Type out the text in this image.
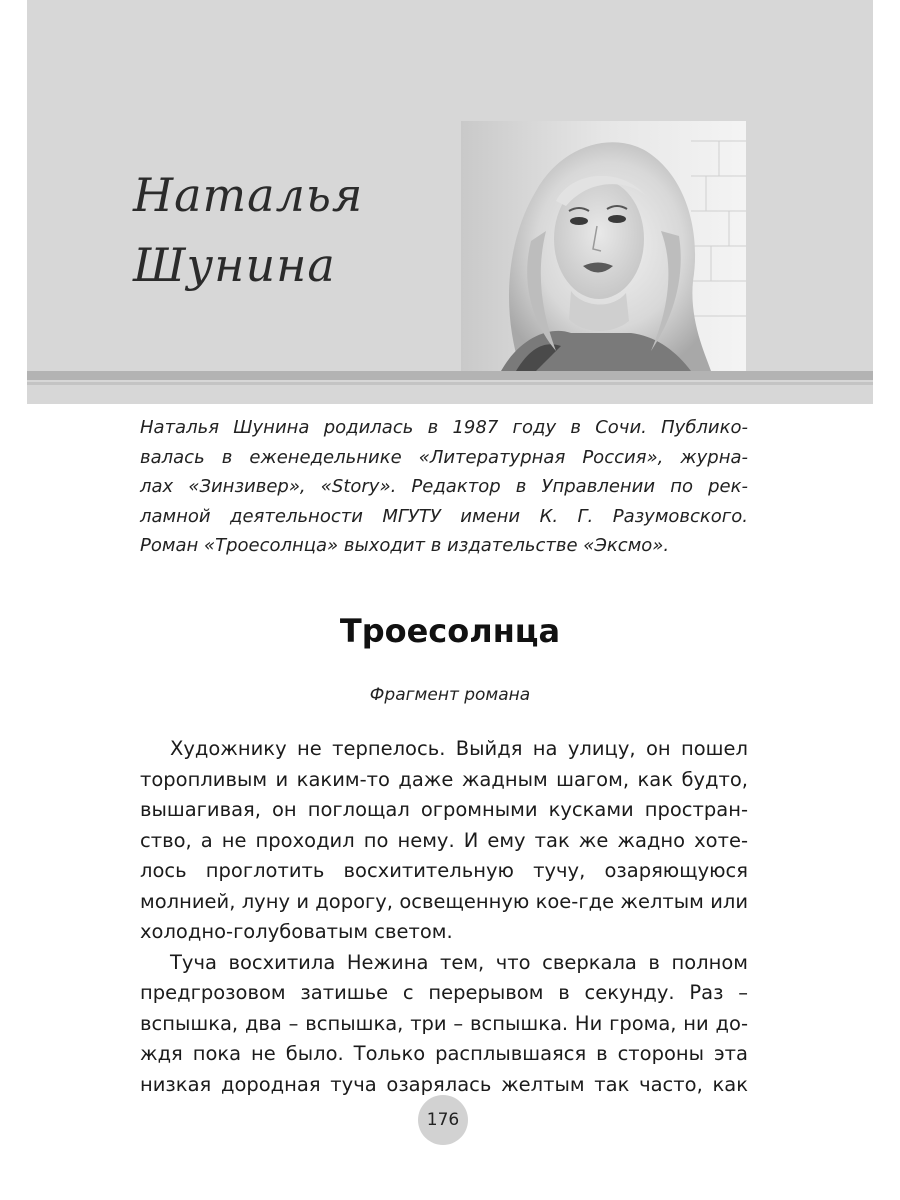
Наталья
Шунина
Наталья Шунина родилась в 1987 году в Сочи. Публико-
валась в еженедельнике «Литературная Россия», журна-
лах «Зинзивер», «Story». Редактор в Управлении по рек-
ламной деятельности МГУТУ имени К. Г. Разумовского.
Роман «Троесолнца» выходит в издательстве «Эксмо».
Троесолнца

Фрагмент романа

Художнику не терпелось. Выйдя на улицу, он пошел
торопливым и каким-то даже жадным шагом, как будто,
вышагивая, он поглощал огромными кусками простран-
ство, а не проходил по нему. И ему так же жадно хоте-
лось проглотить восхитительную тучу, озаряющуюся
молнией, луну и дорогу, освещенную кое-где желтым или
холодно-голубоватым светом.
Туча восхитила Нежина тем, что сверкала в полном
предгрозовом затишье с перерывом в секунду. Раз –
вспышка, два – вспышка, три – вспышка. Ни грома, ни до-
ждя пока не было. Только расплывшаяся в стороны эта
низкая дородная туча озарялась желтым так часто, как
176
